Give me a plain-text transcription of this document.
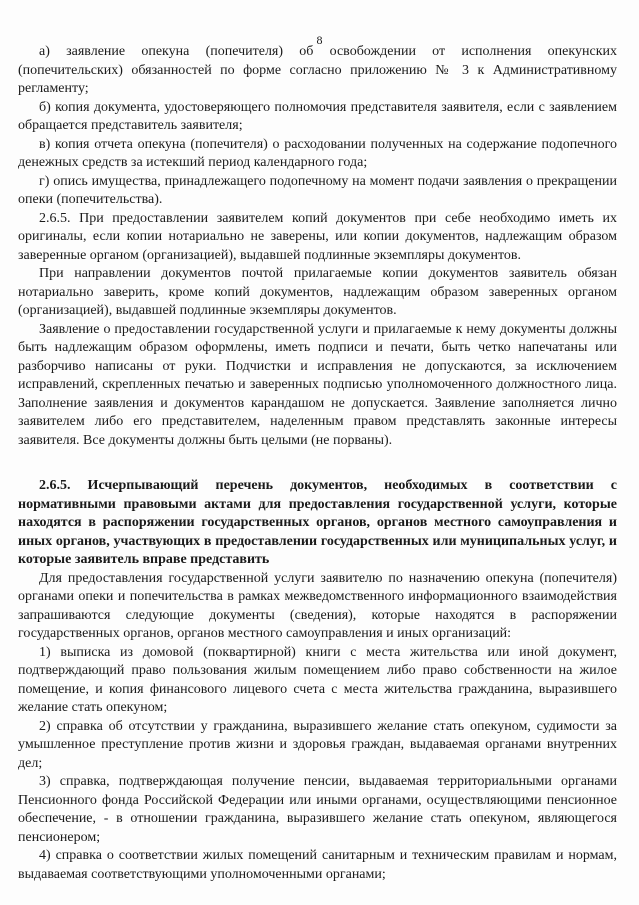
8

а) заявление опекуна (попечителя) об освобождении от исполнения опекунских (попечительских) обязанностей по форме согласно приложению № 3 к Административному регламенту;

б) копия документа, удостоверяющего полномочия представителя заявителя, если с заявлением обращается представитель заявителя;

в) копия отчета опекуна (попечителя) о расходовании полученных на содержание подопечного денежных средств за истекший период календарного года;

г) опись имущества, принадлежащего подопечному на момент подачи заявления о прекращении опеки (попечительства).

2.6.5. При предоставлении заявителем копий документов при себе необходимо иметь их оригиналы, если копии нотариально не заверены, или копии документов, надлежащим образом заверенные органом (организацией), выдавшей подлинные экземпляры документов.

При направлении документов почтой прилагаемые копии документов заявитель обязан нотариально заверить, кроме копий документов, надлежащим образом заверенных органом (организацией), выдавшей подлинные экземпляры документов.

Заявление о предоставлении государственной услуги и прилагаемые к нему документы должны быть надлежащим образом оформлены, иметь подписи и печати, быть четко напечатаны или разборчиво написаны от руки. Подчистки и исправления не допускаются, за исключением исправлений, скрепленных печатью и заверенных подписью уполномоченного должностного лица. Заполнение заявления и документов карандашом не допускается. Заявление заполняется лично заявителем либо его представителем, наделенным правом представлять законные интересы заявителя. Все документы должны быть целыми (не порваны).

2.6.5. Исчерпывающий перечень документов, необходимых в соответствии с нормативными правовыми актами для предоставления государственной услуги, которые находятся в распоряжении государственных органов, органов местного самоуправления и иных органов, участвующих в предоставлении государственных или муниципальных услуг, и которые заявитель вправе представить

Для предоставления государственной услуги заявителю по назначению опекуна (попечителя) органами опеки и попечительства в рамках межведомственного информационного взаимодействия запрашиваются следующие документы (сведения), которые находятся в распоряжении государственных органов, органов местного самоуправления и иных организаций:

1) выписка из домовой (поквартирной) книги с места жительства или иной документ, подтверждающий право пользования жилым помещением либо право собственности на жилое помещение, и копия финансового лицевого счета с места жительства гражданина, выразившего желание стать опекуном;

2) справка об отсутствии у гражданина, выразившего желание стать опекуном, судимости за умышленное преступление против жизни и здоровья граждан, выдаваемая органами внутренних дел;

3) справка, подтверждающая получение пенсии, выдаваемая территориальными органами Пенсионного фонда Российской Федерации или иными органами, осуществляющими пенсионное обеспечение, - в отношении гражданина, выразившего желание стать опекуном, являющегося пенсионером;

4) справка о соответствии жилых помещений санитарным и техническим правилам и нормам, выдаваемая соответствующими уполномоченными органами;
